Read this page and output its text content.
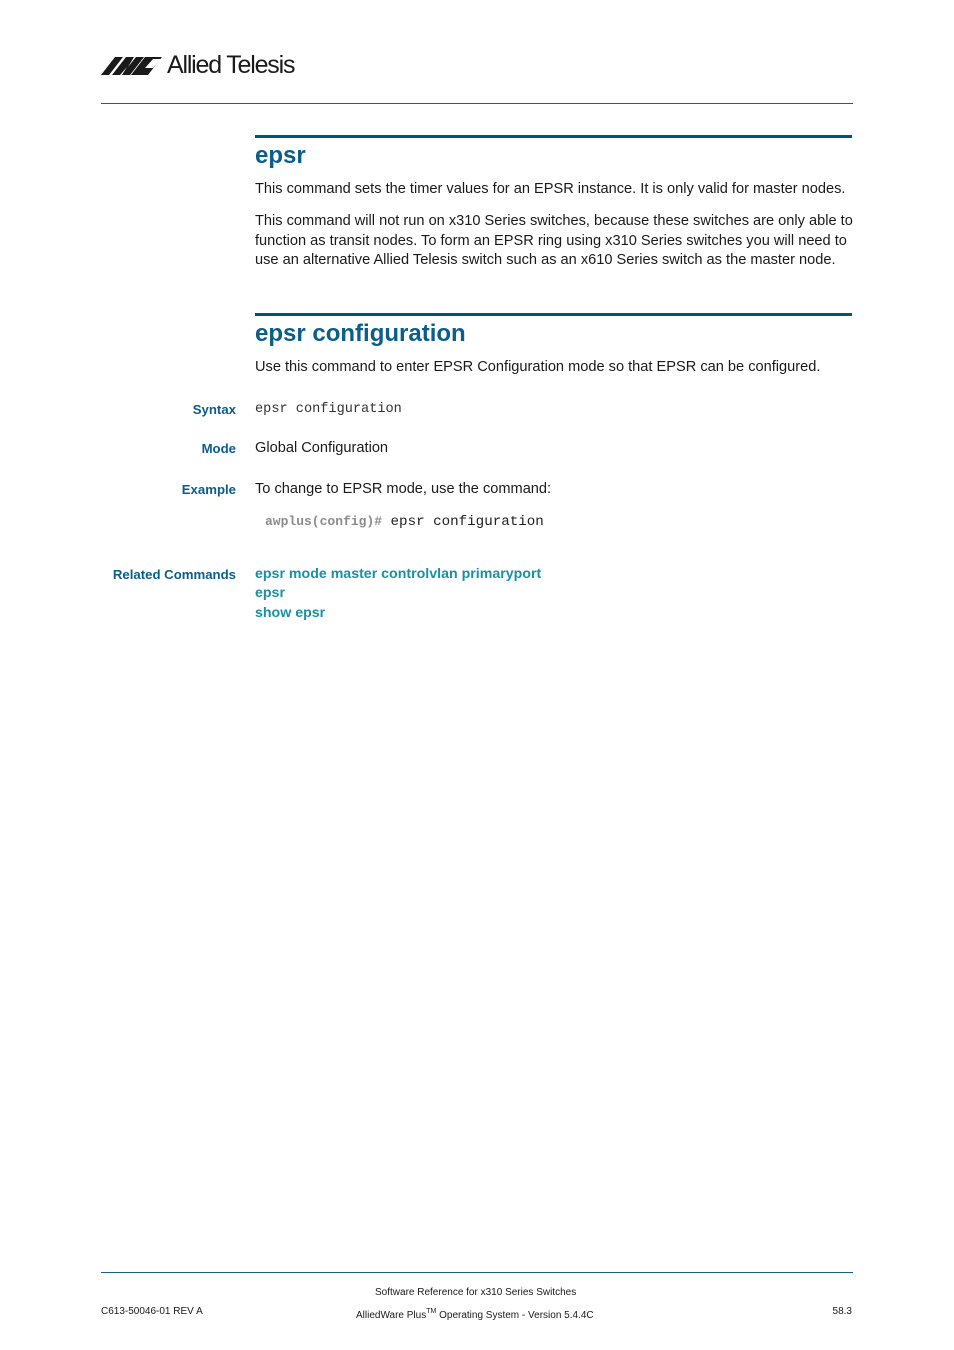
Allied Telesis
epsr

This command sets the timer values for an EPSR instance. It is only valid for master nodes.

This command will not run on x310 Series switches, because these switches are only able to function as transit nodes. To form an EPSR ring using x310 Series switches you will need to use an alternative Allied Telesis switch such as an x610 Series switch as the master node.

epsr configuration

Use this command to enter EPSR Configuration mode so that EPSR can be configured.

Syntax epsr configuration
Mode Global Configuration
Example To change to EPSR mode, use the command:
awplus(config)# epsr configuration
Related Commands epsr mode master controlvlan primaryport
epsr
show epsr
Software Reference for x310 Series Switches
C613-50046-01 REV A	AlliedWare Plus™ Operating System - Version 5.4.4C	58.3
